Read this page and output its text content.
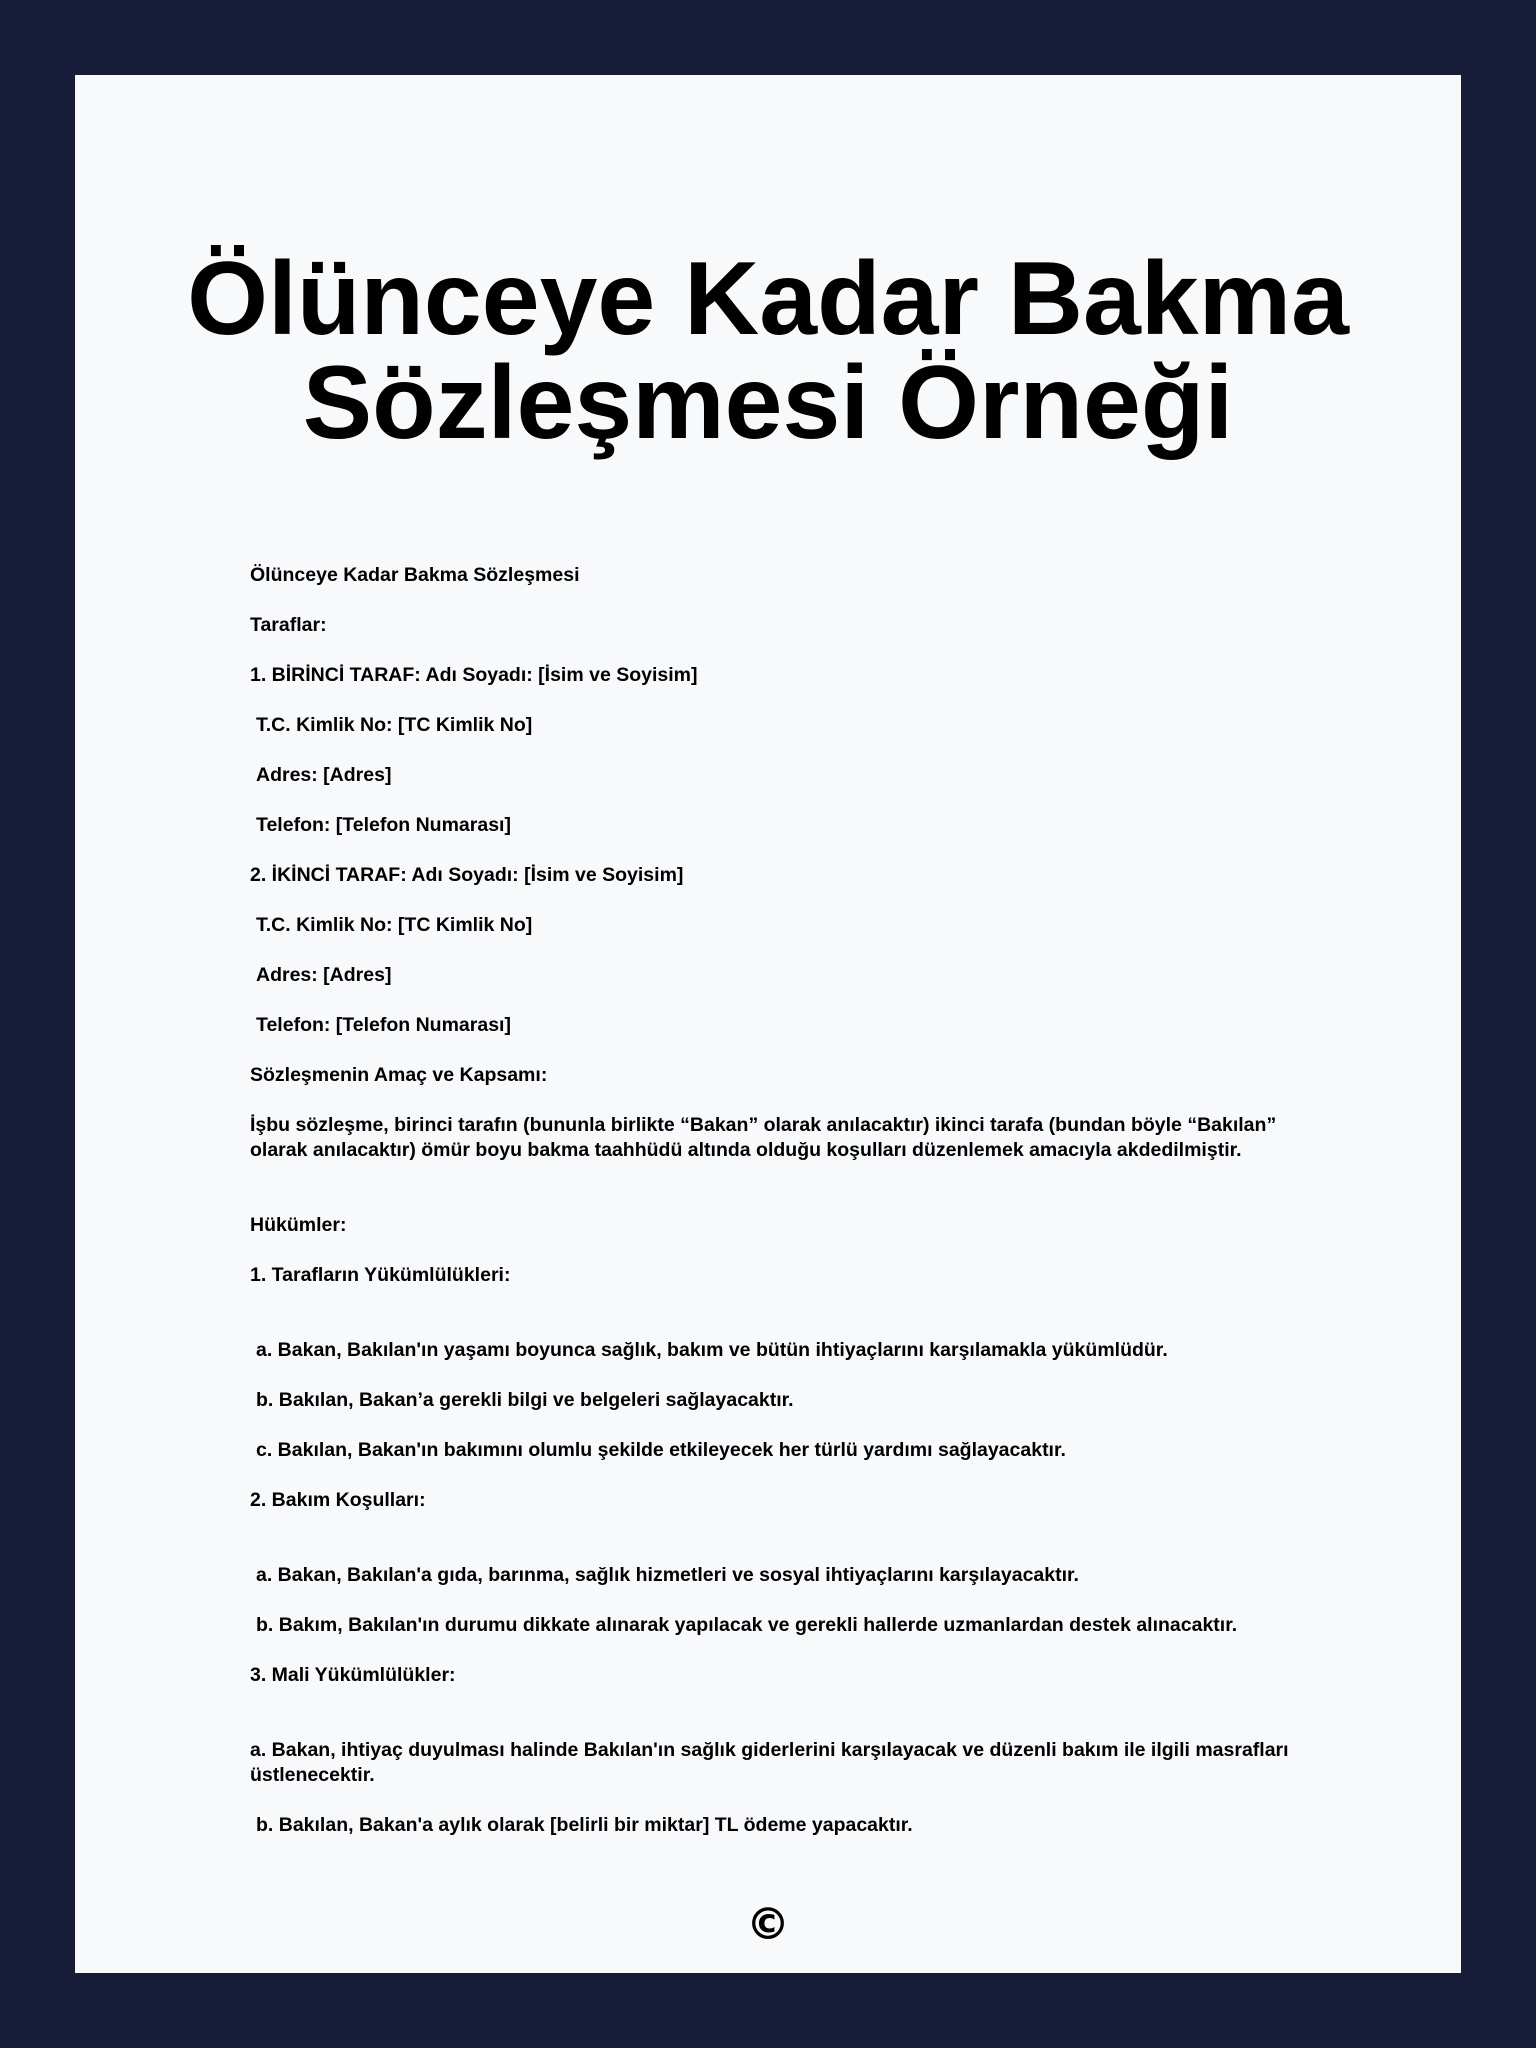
Ölünceye Kadar Bakma
Sözleşmesi Örneği
Ölünceye Kadar Bakma Sözleşmesi
Taraflar:
1. BİRİNCİ TARAF: Adı Soyadı: [İsim ve Soyisim]
T.C. Kimlik No: [TC Kimlik No]
Adres: [Adres]
Telefon: [Telefon Numarası]
2. İKİNCİ TARAF: Adı Soyadı: [İsim ve Soyisim]
T.C. Kimlik No: [TC Kimlik No]
Adres: [Adres]
Telefon: [Telefon Numarası]
Sözleşmenin Amaç ve Kapsamı:
İşbu sözleşme, birinci tarafın (bununla birlikte “Bakan” olarak anılacaktır) ikinci tarafa (bundan böyle “Bakılan” olarak anılacaktır) ömür boyu bakma taahhüdü altında olduğu koşulları düzenlemek amacıyla akdedilmiştir.
Hükümler:
1. Tarafların Yükümlülükleri:
a. Bakan, Bakılan'ın yaşamı boyunca sağlık, bakım ve bütün ihtiyaçlarını karşılamakla yükümlüdür.
b. Bakılan, Bakan’a gerekli bilgi ve belgeleri sağlayacaktır.
c. Bakılan, Bakan'ın bakımını olumlu şekilde etkileyecek her türlü yardımı sağlayacaktır.
2. Bakım Koşulları:
a. Bakan, Bakılan'a gıda, barınma, sağlık hizmetleri ve sosyal ihtiyaçlarını karşılayacaktır.
b. Bakım, Bakılan'ın durumu dikkate alınarak yapılacak ve gerekli hallerde uzmanlardan destek alınacaktır.
3. Mali Yükümlülükler:
a. Bakan, ihtiyaç duyulması halinde Bakılan'ın sağlık giderlerini karşılayacak ve düzenli bakım ile ilgili masrafları üstlenecektir.
b. Bakılan, Bakan'a aylık olarak [belirli bir miktar] TL ödeme yapacaktır.
©
